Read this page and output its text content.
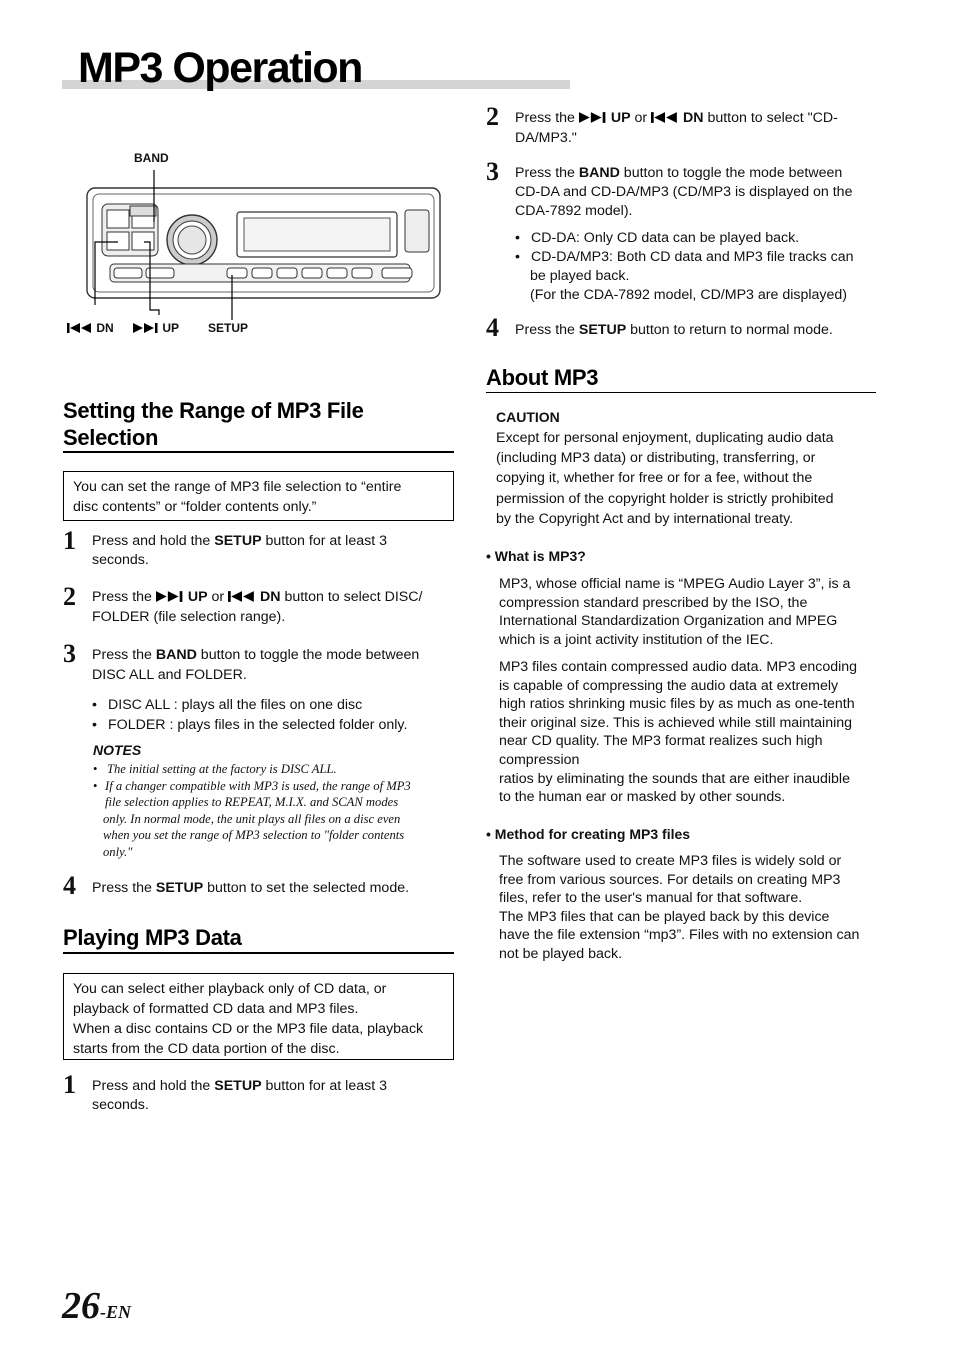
MP3 Operation
BAND
DN	UP SETUP
Setting the Range of MP3 File
Selection
You can set the range of MP3 file selection to “entire
disc contents” or “folder contents only.”
1 Press and hold the SETUP button for at least 3
seconds.
2 Press the  UP or  DN button to select DISC/
FOLDER (file selection range).
3 Press the BAND button to toggle the mode between
DISC ALL and FOLDER.
• DISC ALL : plays all the files on one disc
• FOLDER : plays files in the selected folder only.
NOTES
• The initial setting at the factory is DISC ALL.
• If a changer compatible with MP3 is used, the range of MP3
file selection applies to REPEAT, M.I.X. and SCAN modes
only. In normal mode, the unit plays all files on a disc even
when you set the range of MP3 selection to "folder contents
only."
4 Press the SETUP button to set the selected mode.
Playing MP3 Data
You can select either playback only of CD data, or
playback of formatted CD data and MP3 files.
When a disc contains CD or the MP3 file data, playback
starts from the CD data portion of the disc.
1 Press and hold the SETUP button for at least 3
seconds.
2 Press the  UP or  DN button to select "CD-
DA/MP3."
3 Press the BAND button to toggle the mode between
CD-DA and CD-DA/MP3 (CD/MP3 is displayed on the
CDA-7892 model).
• CD-DA: Only CD data can be played back.
• CD-DA/MP3: Both CD data and MP3 file tracks can
be played back.
(For the CDA-7892 model, CD/MP3 are displayed)
4 Press the SETUP button to return to normal mode.
About MP3
CAUTION
Except for personal enjoyment, duplicating audio data
(including MP3 data) or distributing, transferring, or
copying it, whether for free or for a fee, without the
permission of the copyright holder is strictly prohibited
by the Copyright Act and by international treaty.
• What is MP3?
MP3, whose official name is “MPEG Audio Layer 3”, is a
compression standard prescribed by the ISO, the
International Standardization Organization and MPEG
which is a joint activity institution of the IEC.
MP3 files contain compressed audio data. MP3 encoding
is capable of compressing the audio data at extremely
high ratios shrinking music files by as much as one-tenth
their original size. This is achieved while still maintaining
near CD quality. The MP3 format realizes such high
compression
ratios by eliminating the sounds that are either inaudible
to the human ear or masked by other sounds.
• Method for creating MP3 files
The software used to create MP3 files is widely sold or
free from various sources. For details on creating MP3
files, refer to the user's manual for that software.
The MP3 files that can be played back by this device
have the file extension “mp3”. Files with no extension can
not be played back.
26-EN
